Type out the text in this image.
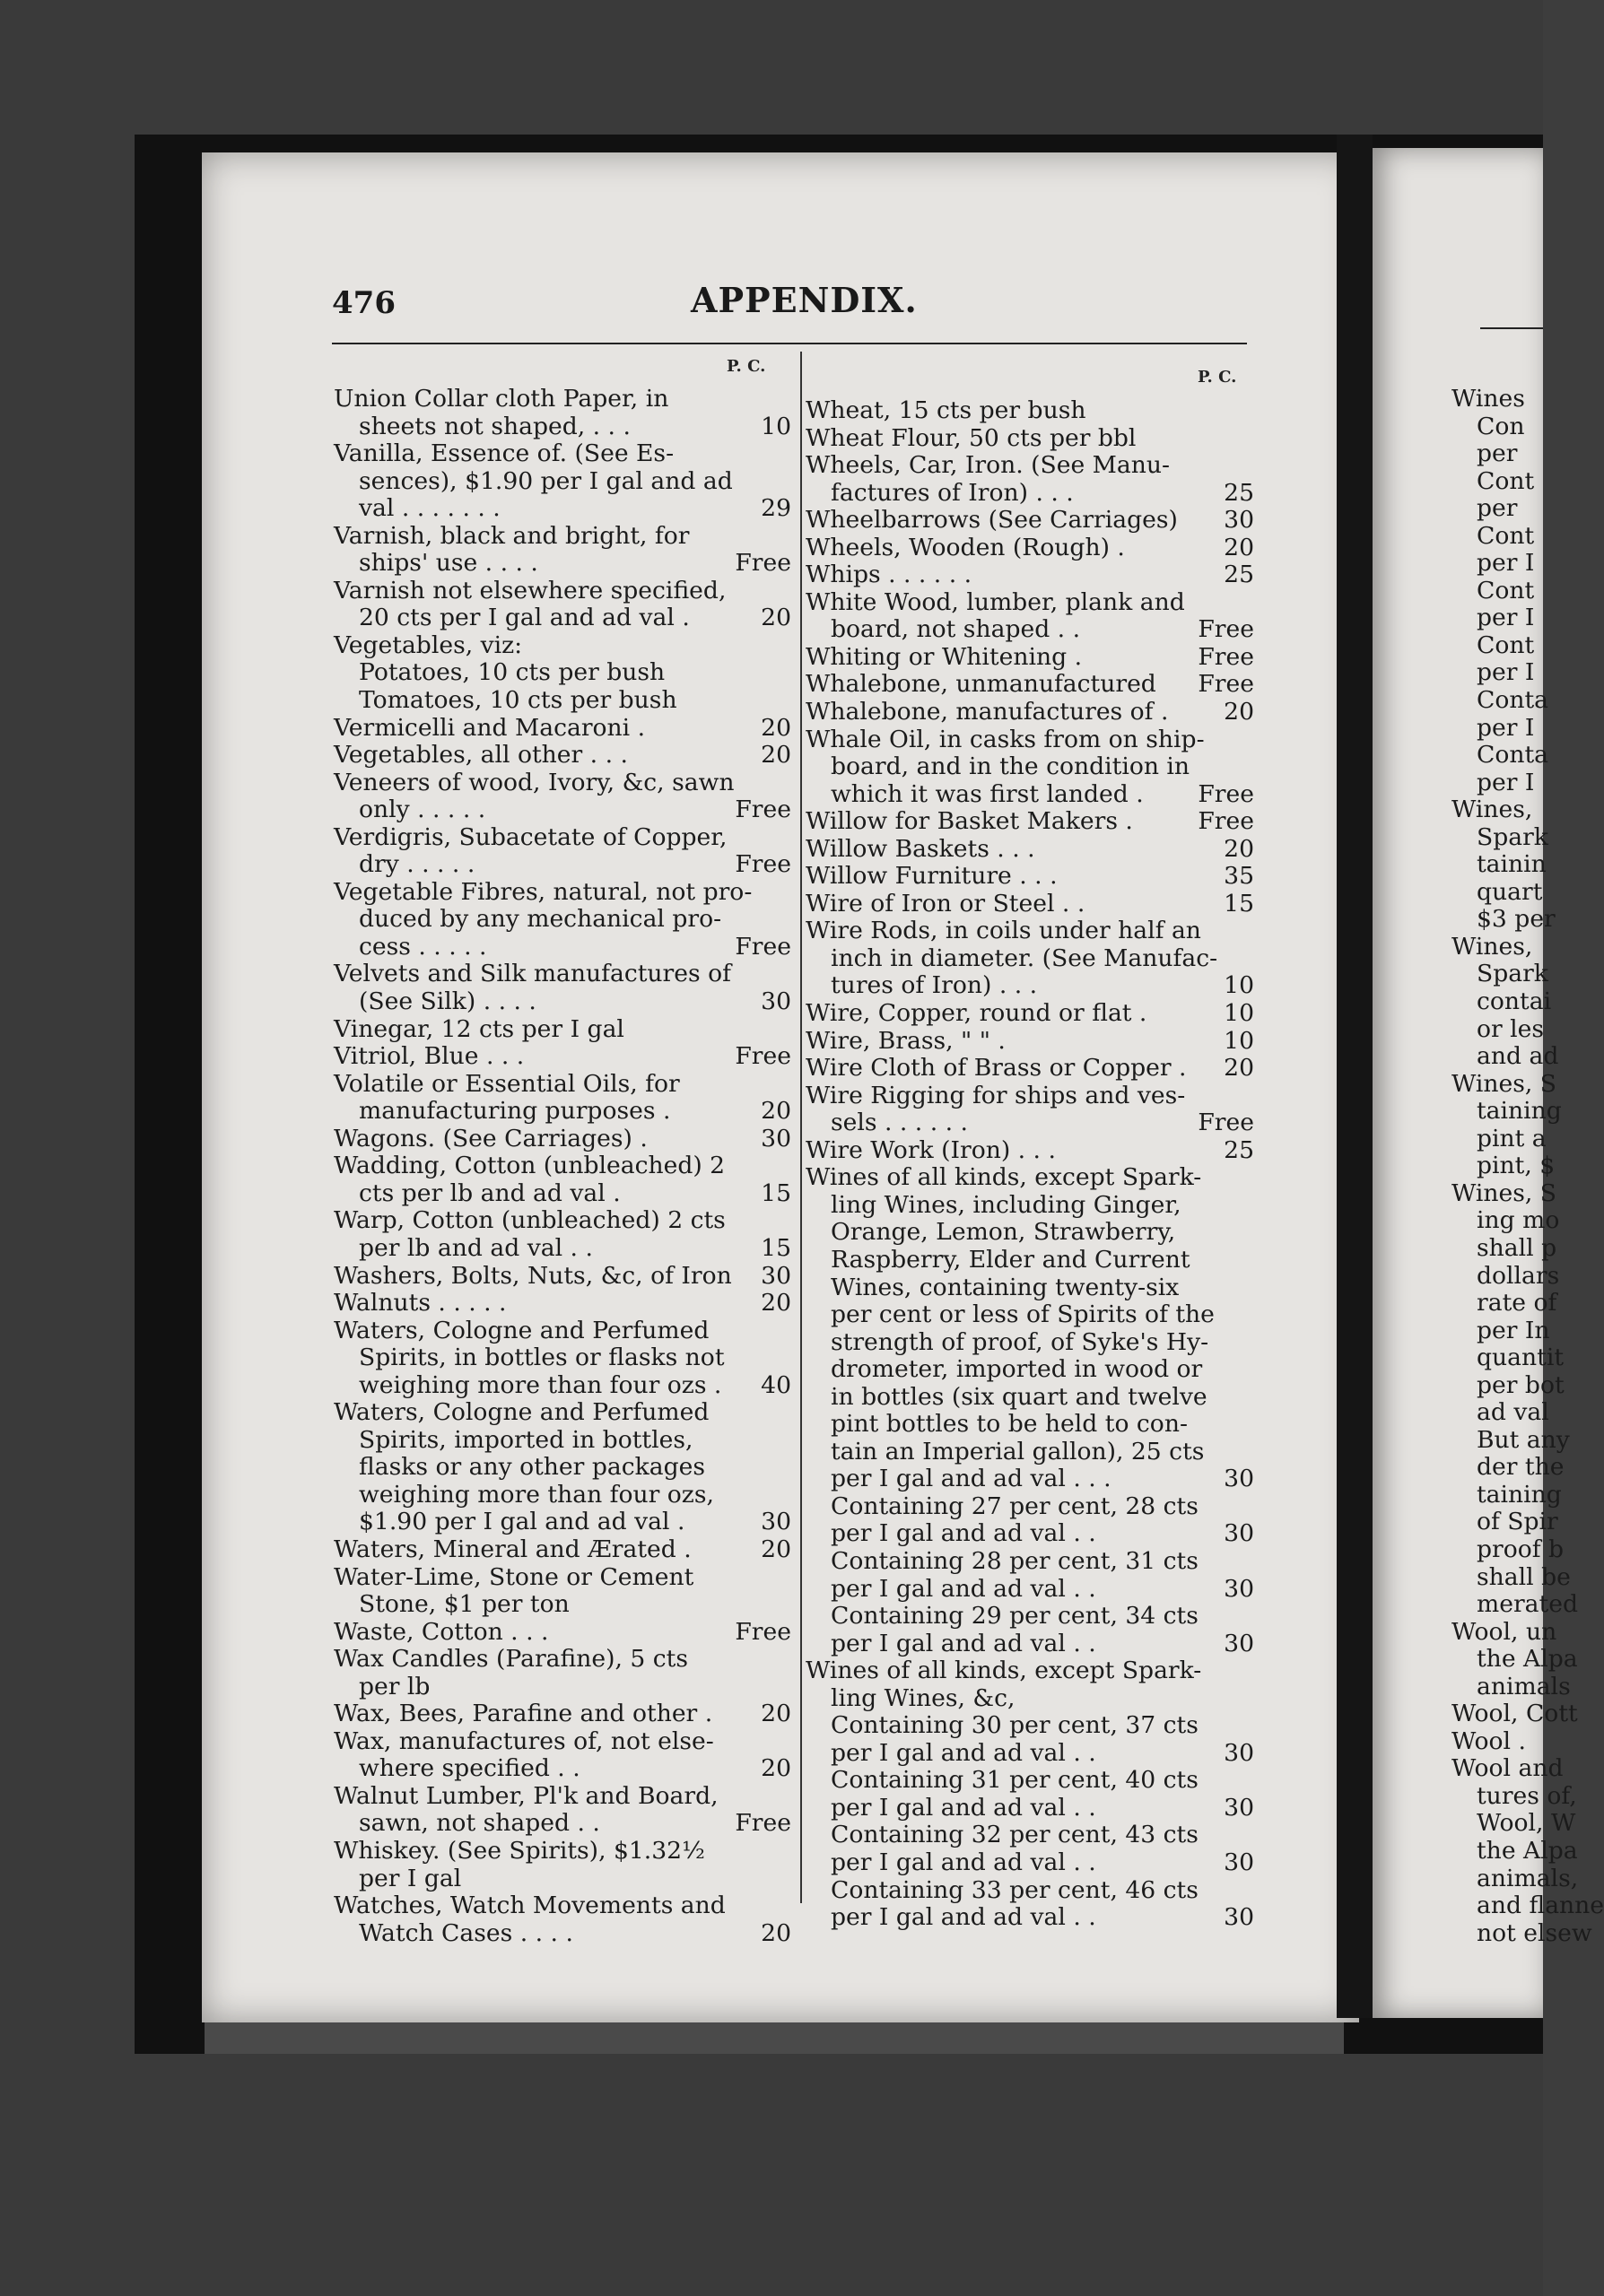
476	APPENDIX.
P. C.
P. C.
Union Collar cloth Paper, in
sheets not shaped, . . .	10
Vanilla, Essence of. (See Es-
sences), $1.90 per I gal and ad
val . . . . . . .	29
Varnish, black and bright, for
ships' use . . . .	Free
Varnish not elsewhere specified,
20 cts per I gal and ad val .	20
Vegetables, viz:
Potatoes, 10 cts per bush
Tomatoes, 10 cts per bush
Vermicelli and Macaroni .	20
Vegetables, all other . . .	20
Veneers of wood, Ivory, &c, sawn
only . . . . .	Free
Verdigris, Subacetate of Copper,
dry . . . . .	Free
Vegetable Fibres, natural, not pro-
duced by any mechanical pro-
cess . . . . .	Free
Velvets and Silk manufactures of
(See Silk) . . . .	30
Vinegar, 12 cts per I gal
Vitriol, Blue . . .	Free
Volatile or Essential Oils, for
manufacturing purposes .	20
Wagons. (See Carriages) .	30
Wadding, Cotton (unbleached) 2
cts per lb and ad val .	15
Warp, Cotton (unbleached) 2 cts
per lb and ad val . .	15
Washers, Bolts, Nuts, &c, of Iron 30
Walnuts . . . . .	20
Waters, Cologne and Perfumed
Spirits, in bottles or flasks not
weighing more than four ozs . 40
Waters, Cologne and Perfumed
Spirits, imported in bottles,
flasks or any other packages
weighing more than four ozs,
$1.90 per I gal and ad val .	30
Waters, Mineral and Ærated .	20
Water-Lime, Stone or Cement
Stone, $1 per ton
Waste, Cotton . . .	Free
Wax Candles (Parafine), 5 cts
per lb
Wax, Bees, Parafine and other . 20
Wax, manufactures of, not else-
where specified . .	20
Walnut Lumber, Pl'k and Board,
sawn, not shaped . .	Free
Whiskey. (See Spirits), $1.32½
per I gal
Watches, Watch Movements and
Watch Cases . . . .	20
Wheat, 15 cts per bush
Wheat Flour, 50 cts per bbl
Wheels, Car, Iron. (See Manu-
factures of Iron) . . .	25
Wheelbarrows (See Carriages) 30
Wheels, Wooden (Rough) .	20
Whips . . . . . .	25
White Wood, lumber, plank and
board, not shaped . .	Free
Whiting or Whitening .	Free
Whalebone, unmanufactured Free
Whalebone, manufactures of . 20
Whale Oil, in casks from on ship-
board, and in the condition in
which it was first landed . Free
Willow for Basket Makers .	Free
Willow Baskets . . .	20
Willow Furniture . . .	35
Wire of Iron or Steel . .	15
Wire Rods, in coils under half an
inch in diameter. (See Manufac-
tures of Iron) . . .	10
Wire, Copper, round or flat .	10
Wire, Brass, " " .	10
Wire Cloth of Brass or Copper . 20
Wire Rigging for ships and ves-
sels . . . . . .	Free
Wire Work (Iron) . . .	25
Wines of all kinds, except Spark-
ling Wines, including Ginger,
Orange, Lemon, Strawberry,
Raspberry, Elder and Current
Wines, containing twenty-six
per cent or less of Spirits of the
strength of proof, of Syke's Hy-
drometer, imported in wood or
in bottles (six quart and twelve
pint bottles to be held to con-
tain an Imperial gallon), 25 cts
per I gal and ad val . . .	30
Containing 27 per cent, 28 cts
per I gal and ad val . .	30
Containing 28 per cent, 31 cts
per I gal and ad val . .	30
Containing 29 per cent, 34 cts
per I gal and ad val . .	30
Wines of all kinds, except Spark-
ling Wines, &c,
Containing 30 per cent, 37 cts
per I gal and ad val . .	30
Containing 31 per cent, 40 cts
per I gal and ad val . .	30
Containing 32 per cent, 43 cts
per I gal and ad val . .	30
Containing 33 per cent, 46 cts
per I gal and ad val . .	30
Wines
Con
per
Cont
per
Cont
per I
Cont
per I
Cont
per I
Conta
per I
Conta
per I
Wines,
Spark
tainin
quart
$3 per
Wines,
Spark
contai
or les
and ad
Wines, S
taining
pint a
pint, $
Wines, S
ing mo
shall p
dollars
rate of
per In
quantit
per bot
ad val
But any
der the
taining
of Spir
proof b
shall be
merated
Wool, un
the Alpa
animals
Wool, Cott
Wool .
Wool and
tures of,
Wool, W
the Alpa
animals,
and flanne
not elsew
